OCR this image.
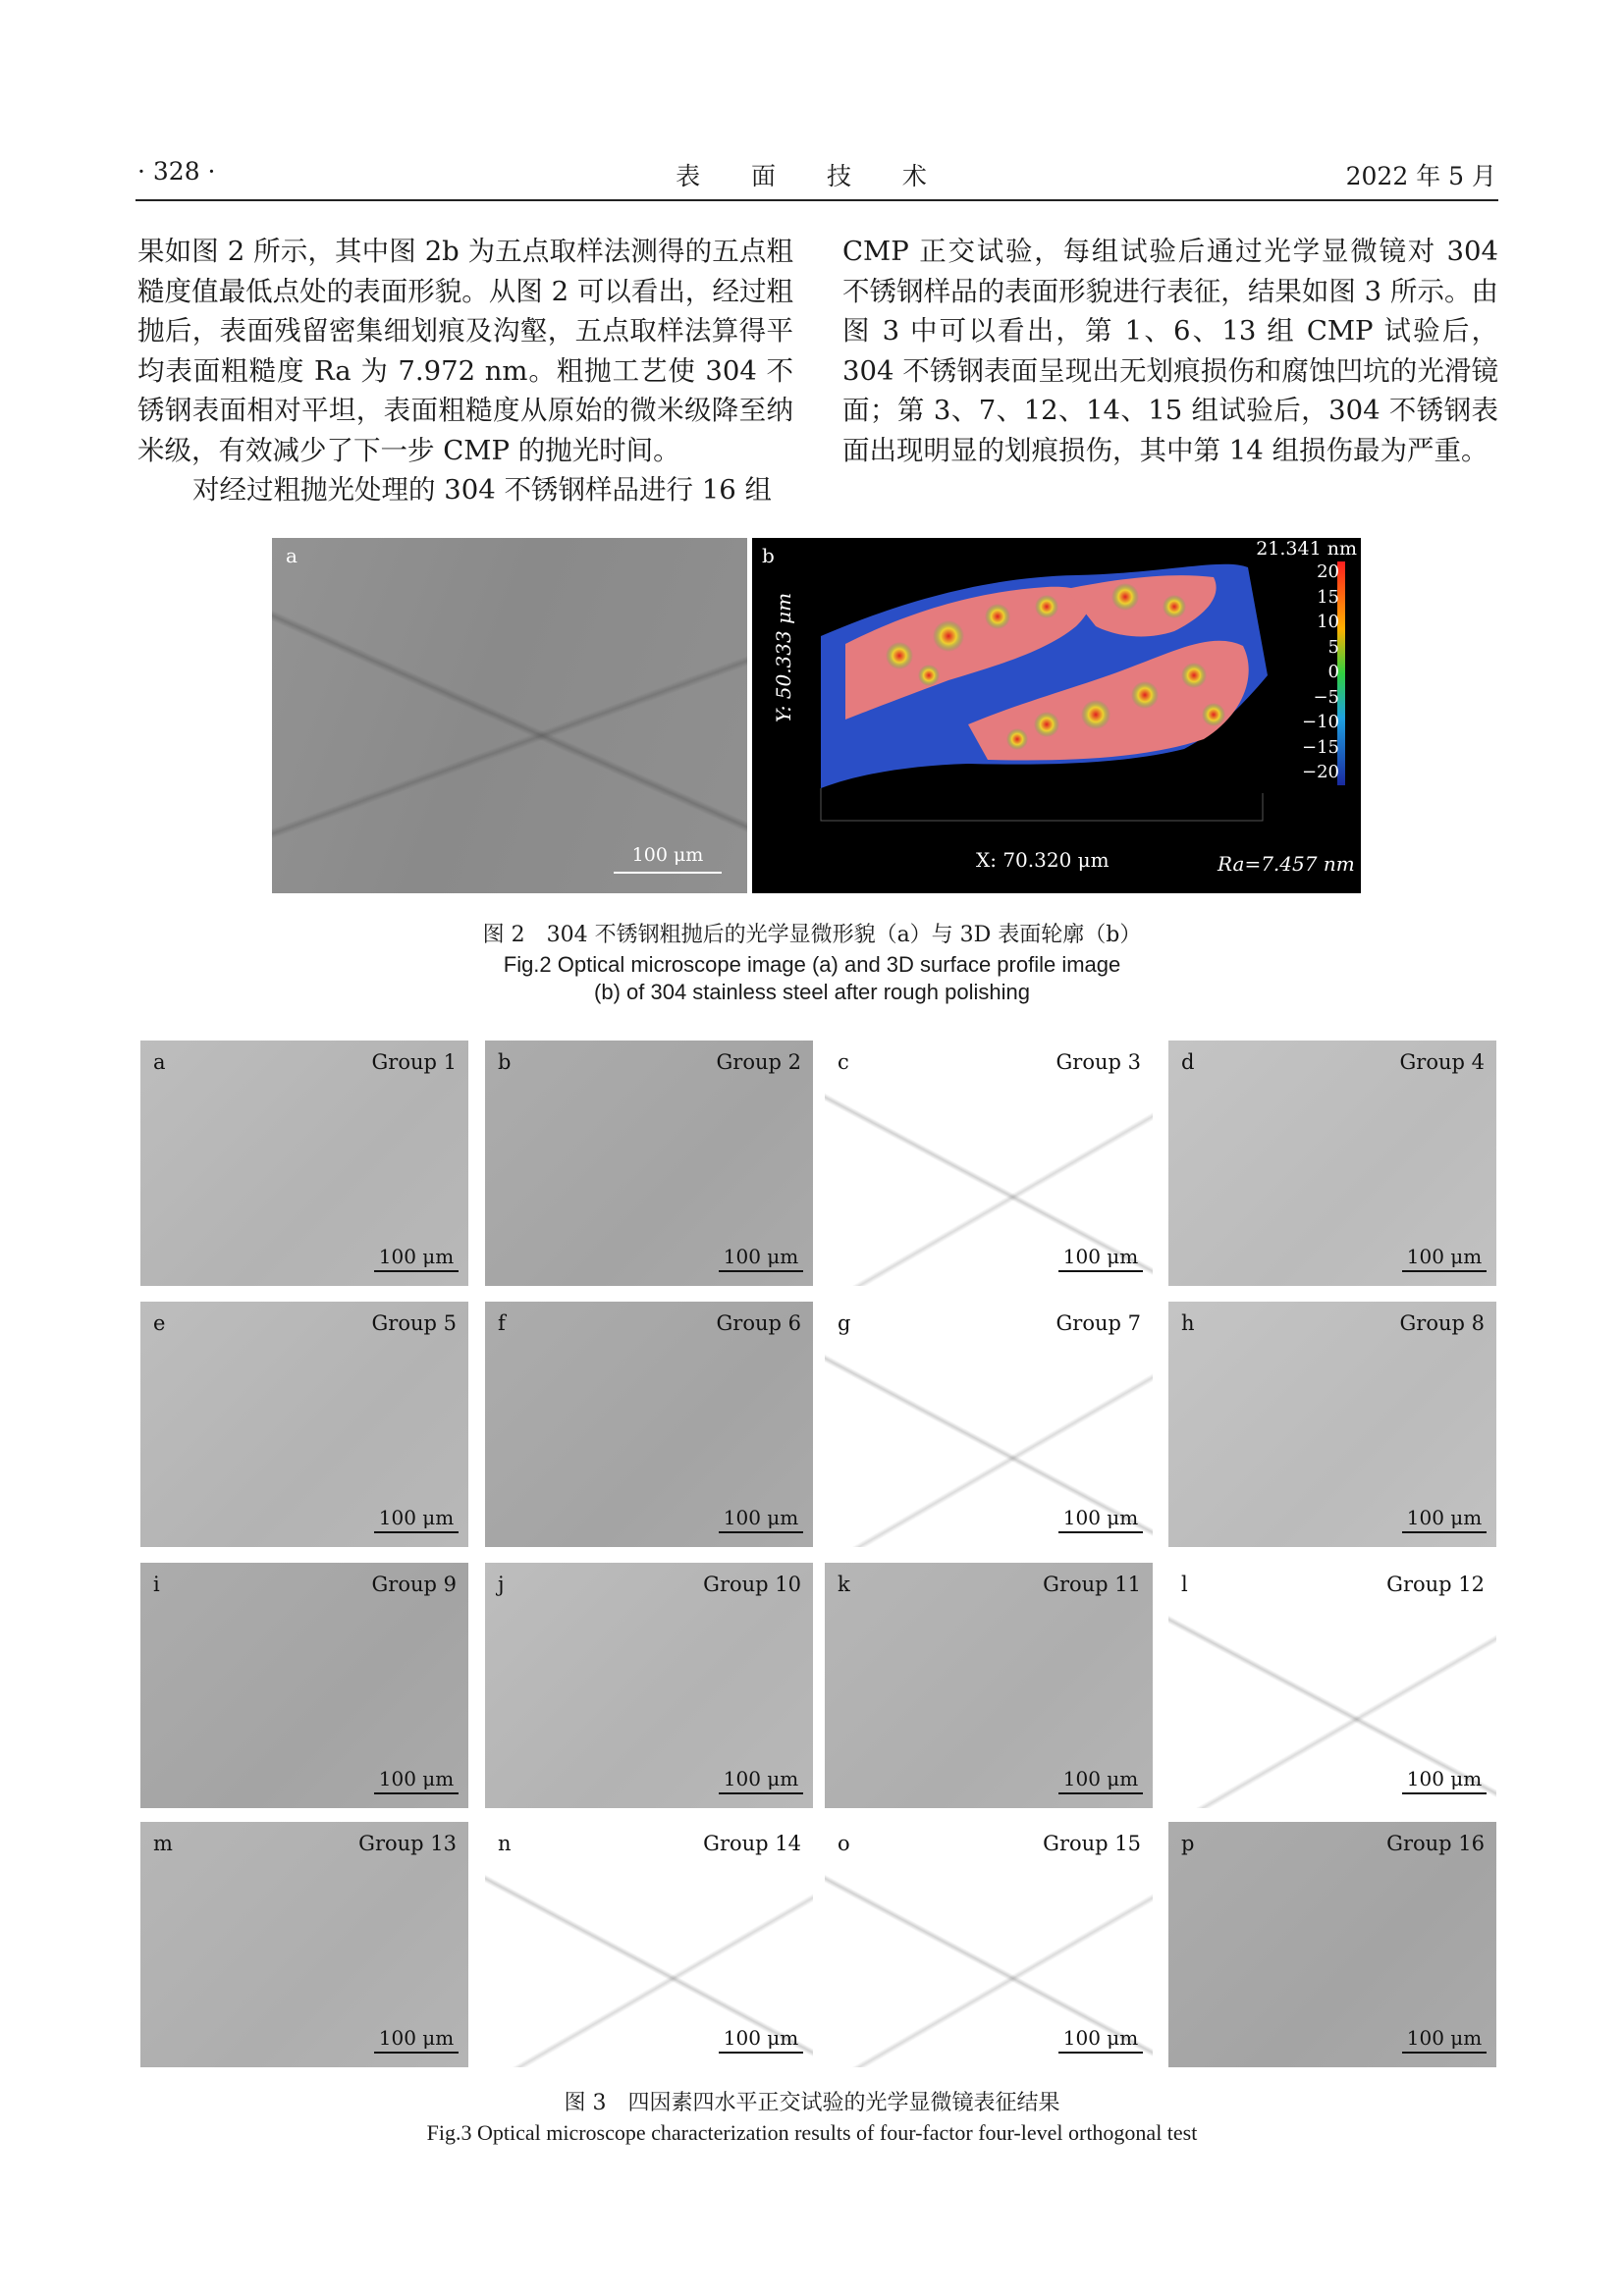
· 328 ·	表 面 技 术	2022 年 5 月

果如图 2 所示，其中图 2b 为五点取样法测得的五点粗糙度值最低点处的表面形貌。从图 2 可以看出，经过粗抛后，表面残留密集细划痕及沟壑，五点取样法算得平均表面粗糙度 Ra 为 7.972 nm。粗抛工艺使 304 不锈钢表面相对平坦，表面粗糙度从原始的微米级降至纳米级，有效减少了下一步 CMP 的抛光时间。

对经过粗抛光处理的 304 不锈钢样品进行 16 组

CMP 正交试验，每组试验后通过光学显微镜对 304 不锈钢样品的表面形貌进行表征，结果如图 3 所示。由图 3 中可以看出，第 1、6、13 组 CMP 试验后，304 不锈钢表面呈现出无划痕损伤和腐蚀凹坑的光滑镜面；第 3、7、12、14、15 组试验后，304 不锈钢表面出现明显的划痕损伤，其中第 14 组损伤最为严重。

a
100 μm
b	21.341 nm
20
15
10
5
0
−5
−10
−15
−20
Y: 50.333 μm
X: 70.320 μm	Ra=7.457 nm
图 2　304 不锈钢粗抛后的光学显微形貌（a）与 3D 表面轮廓（b）
Fig.2 Optical microscope image (a) and 3D surface profile image
(b) of 304 stainless steel after rough polishing
a	Group 1
100 μm
b	Group 2
100 μm
c	Group 3
100 μm
d	Group 4
100 μm
e	Group 5
100 μm
f	Group 6
100 μm
g	Group 7
100 μm
h	Group 8
100 μm
i	Group 9
100 μm
j	Group 10
100 μm
k	Group 11
100 μm
l	Group 12
100 μm
m	Group 13
100 μm
n	Group 14
100 μm
o	Group 15
100 μm
p	Group 16
100 μm
图 3　四因素四水平正交试验的光学显微镜表征结果
Fig.3 Optical microscope characterization results of four-factor four-level orthogonal test
